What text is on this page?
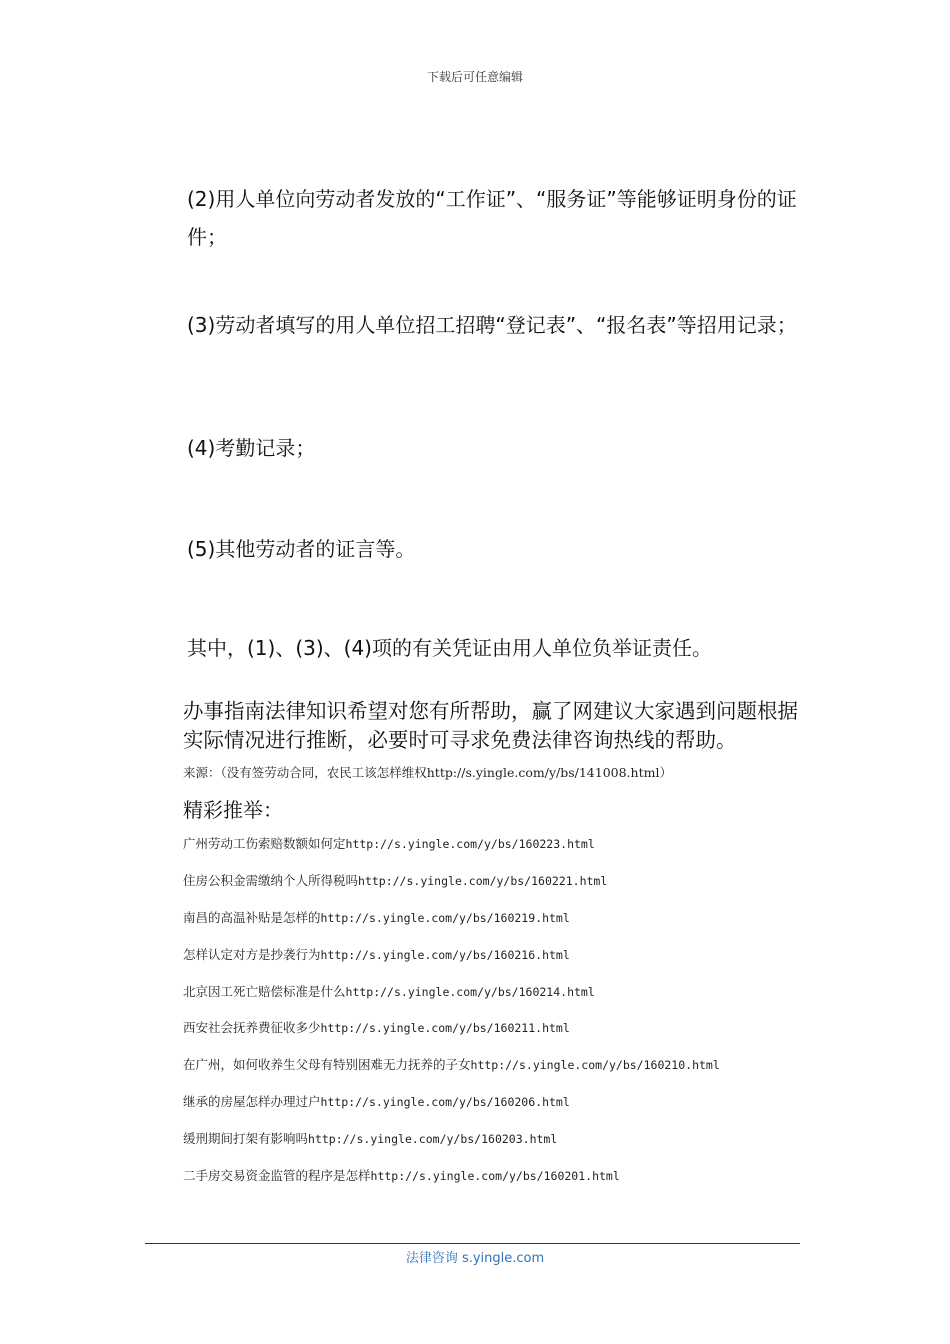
下载后可任意编辑
(2)用人单位向劳动者发放的“工作证”、“服务证”等能够证明身份的证件；
(3)劳动者填写的用人单位招工招聘“登记表”、“报名表”等招用记录；
(4)考勤记录；
(5)其他劳动者的证言等。
其中，(1)、(3)、(4)项的有关凭证由用人单位负举证责任。
办事指南法律知识希望对您有所帮助，赢了网建议大家遇到问题根据实际情况进行推断，必要时可寻求免费法律咨询热线的帮助。
来源：（没有签劳动合同，农民工该怎样维权http://s.yingle.com/y/bs/141008.html）
精彩推举：
广州劳动工伤索赔数额如何定http://s.yingle.com/y/bs/160223.html
住房公积金需缴纳个人所得税吗http://s.yingle.com/y/bs/160221.html
南昌的高温补贴是怎样的http://s.yingle.com/y/bs/160219.html
怎样认定对方是抄袭行为http://s.yingle.com/y/bs/160216.html
北京因工死亡赔偿标准是什么http://s.yingle.com/y/bs/160214.html
西安社会抚养费征收多少http://s.yingle.com/y/bs/160211.html
在广州，如何收养生父母有特别困难无力抚养的子女http://s.yingle.com/y/bs/160210.html
继承的房屋怎样办理过户http://s.yingle.com/y/bs/160206.html
缓刑期间打架有影响吗http://s.yingle.com/y/bs/160203.html
二手房交易资金监管的程序是怎样http://s.yingle.com/y/bs/160201.html
法律咨询 s.yingle.com
